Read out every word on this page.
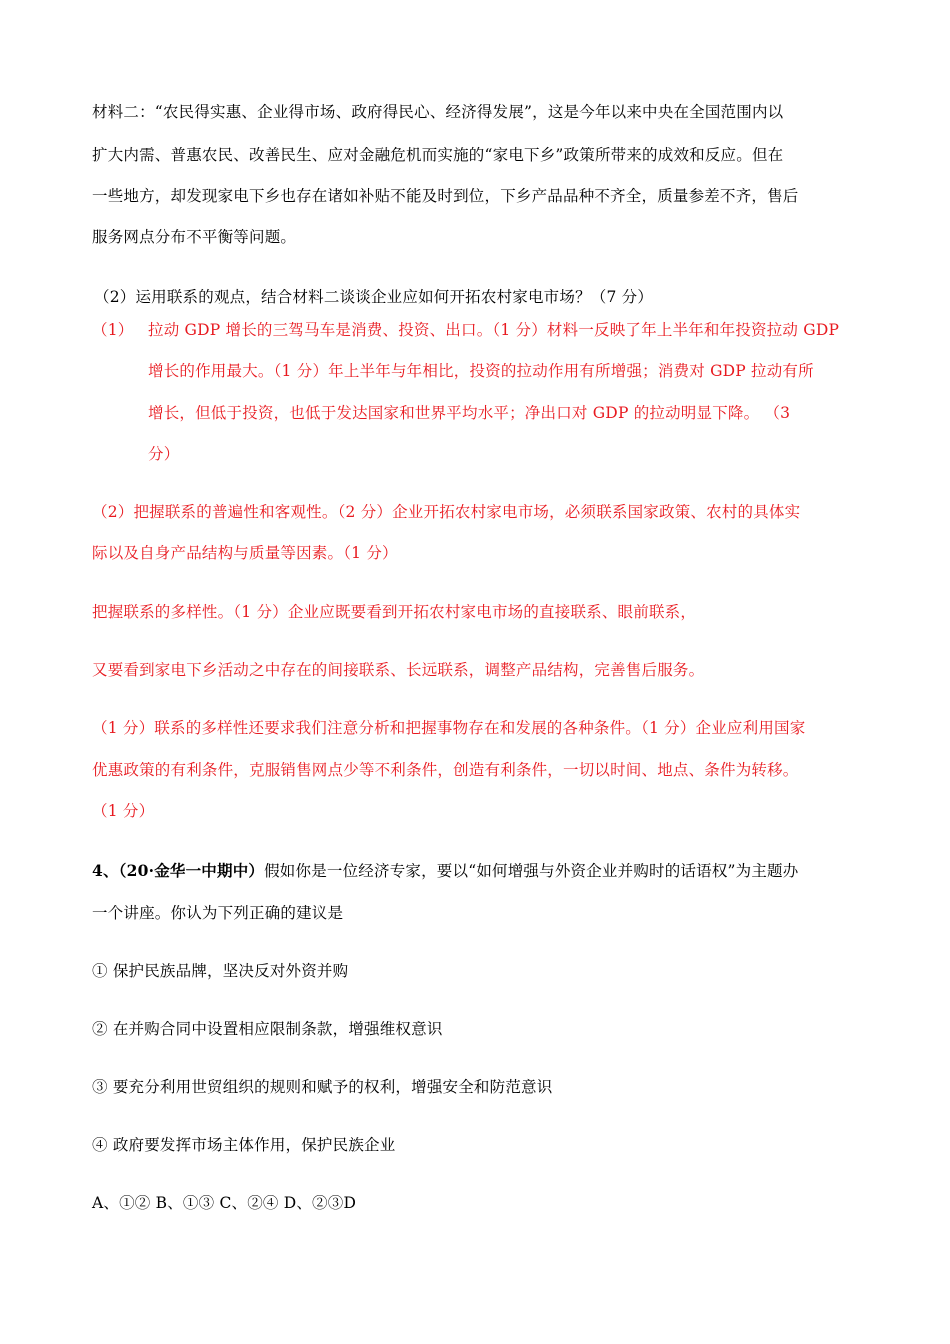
材料二：“农民得实惠、企业得市场、政府得民心、经济得发展”，这是今年以来中央在全国范围内以
扩大内需、普惠农民、改善民生、应对金融危机而实施的“家电下乡”政策所带来的成效和反应。但在
一些地方，却发现家电下乡也存在诸如补贴不能及时到位，下乡产品品种不齐全，质量参差不齐，售后
服务网点分布不平衡等问题。
（2）运用联系的观点，结合材料二谈谈企业应如何开拓农村家电市场？（7 分）
（1） 拉动 GDP 增长的三驾马车是消费、投资、出口。（1 分）材料一反映了年上半年和年投资拉动 GDP
增长的作用最大。（1 分）年上半年与年相比，投资的拉动作用有所增强；消费对 GDP 拉动有所
增长，但低于投资，也低于发达国家和世界平均水平；净出口对 GDP 的拉动明显下降。 （3
分）
（2）把握联系的普遍性和客观性。（2 分）企业开拓农村家电市场，必须联系国家政策、农村的具体实
际以及自身产品结构与质量等因素。（1 分）
把握联系的多样性。（1 分）企业应既要看到开拓农村家电市场的直接联系、眼前联系，
又要看到家电下乡活动之中存在的间接联系、长远联系，调整产品结构，完善售后服务。
（1 分）联系的多样性还要求我们注意分析和把握事物存在和发展的各种条件。（1 分）企业应利用国家
优惠政策的有利条件，克服销售网点少等不利条件，创造有利条件，一切以时间、地点、条件为转移。
（1 分）
4、（20·金华一中期中）假如你是一位经济专家，要以“如何增强与外资企业并购时的话语权”为主题办
一个讲座。你认为下列正确的建议是
① 保护民族品牌，坚决反对外资并购
② 在并购合同中设置相应限制条款，增强维权意识
③ 要充分利用世贸组织的规则和赋予的权利，增强安全和防范意识
④ 政府要发挥市场主体作用，保护民族企业
A、①② B、①③ C、②④ D、②③D
